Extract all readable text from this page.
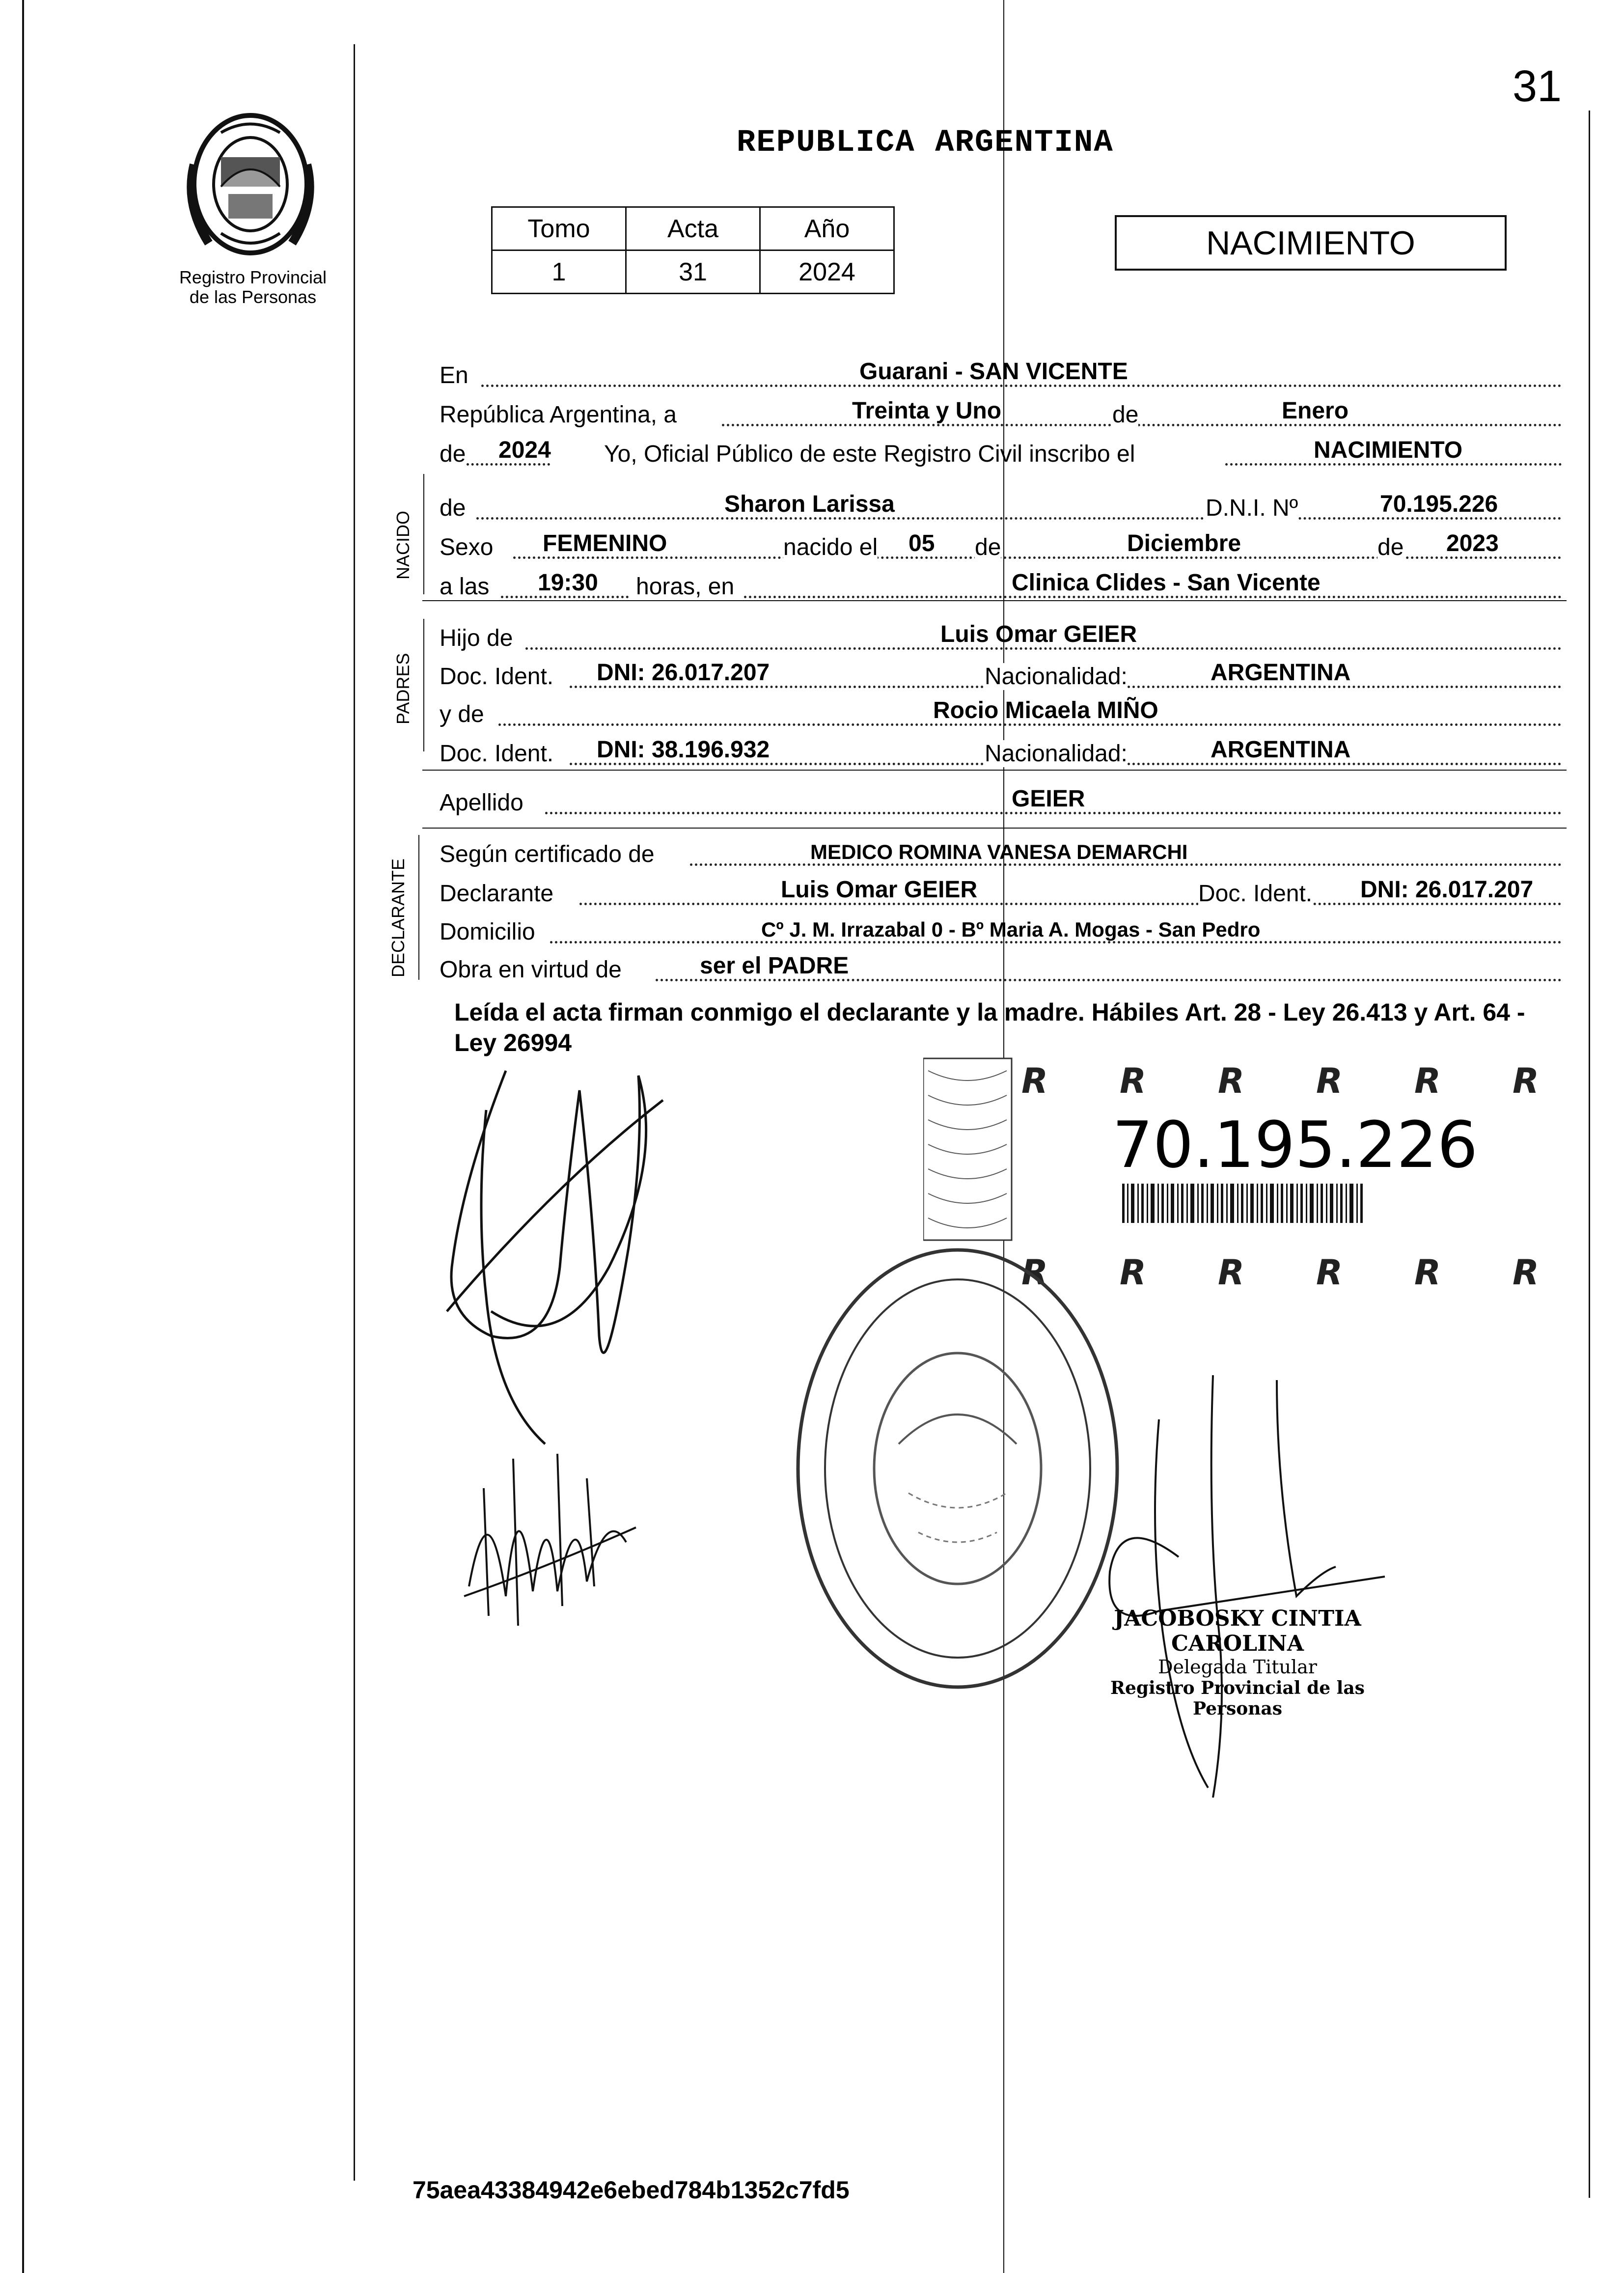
31
Registro Provincial
de las Personas
REPUBLICA ARGENTINA
Tomo	Acta	Año
1	31	2024
NACIMIENTO
En	Guarani - SAN VICENTE
República Argentina, a	Treinta y Uno	de	Enero
de 2024 Yo, Oficial Público de este Registro Civil inscribo el	NACIMIENTO
NACIDO
de	Sharon Larissa	D.N.I. Nº	70.195.226
Sexo FEMENINO	nacido el 05 de	Diciembre	de 2023
a las 19:30 horas, en	Clinica Clides - San Vicente
PADRES
Hijo de	Luis Omar GEIER
Doc. Ident. DNI: 26.017.207	Nacionalidad:	ARGENTINA
y de	Rocio Micaela MIÑO
Doc. Ident. DNI: 38.196.932	Nacionalidad:	ARGENTINA
Apellido	GEIER
DECLARANTE
Según certificado de	MEDICO ROMINA VANESA DEMARCHI
Declarante	Luis Omar GEIER	Doc. Ident. DNI: 26.017.207
Domicilio	Cº J. M. Irrazabal 0 - Bº Maria A. Mogas - San Pedro
Obra en virtud de	ser el PADRE
Leída el acta firman conmigo el declarante y la madre. Hábiles Art. 28 - Ley 26.413 y Art. 64 - Ley 26994
R R R R R R
R R R R R R
70.195.226
JACOBOSKY CINTIA CAROLINA
Delegada Titular
Registro Provincial de las Personas
75aea43384942e6ebed784b1352c7fd5
